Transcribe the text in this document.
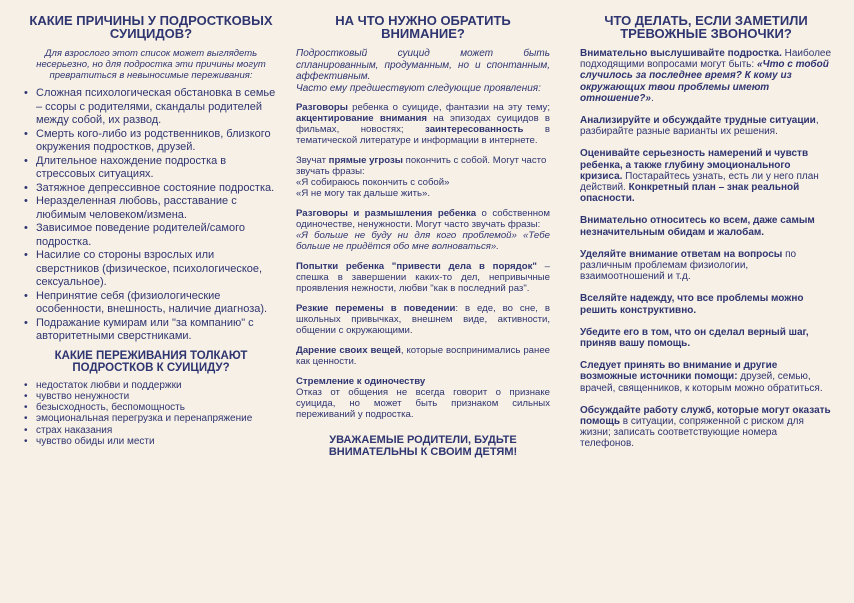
КАКИЕ ПРИЧИНЫ У ПОДРОСТКОВЫХ СУИЦИДОВ?
Для взрослого этот список может выглядеть несерьезно, но для подростка эти причины могут превратиться в невыносимые переживания:
• Сложная психологическая обстановка в семье – ссоры с родителями, скандалы родителей между собой, их развод.
• Смерть кого-либо из родственников, близкого окружения подростков, друзей.
• Длительное нахождение подростка в стрессовых ситуациях.
• Затяжное депрессивное состояние подростка.
• Неразделенная любовь, расставание с любимым человеком/измена.
• Зависимое поведение родителей/самого подростка.
• Насилие со стороны взрослых или сверстников (физическое, психологическое, сексуальное).
• Непринятие себя (физиологические особенности, внешность, наличие диагноза).
• Подражание кумирам или "за компанию" с авторитетными сверстниками.
КАКИЕ ПЕРЕЖИВАНИЯ ТОЛКАЮТ ПОДРОСТКОВ К СУИЦИДУ?
• недостаток любви и поддержки
• чувство ненужности
• безысходность, беспомощность
• эмоциональная перегрузка и перенапряжение
• страх наказания
• чувство обиды или мести
НА ЧТО НУЖНО ОБРАТИТЬ ВНИМАНИЕ?
Подростковый суицид может быть спланированным, продуманным, но и спонтанным, аффективным.
Часто ему предшествуют следующие проявления:
Разговоры ребенка о суициде, фантазии на эту тему; акцентирование внимания на эпизодах суицидов в фильмах, новостях; заинтересованность в тематической литературе и информации в интернете.
Звучат прямые угрозы покончить с собой. Могут часто звучать фразы:
«Я собираюсь покончить с собой»
«Я не могу так дальше жить».
Разговоры и размышления ребенка о собственном одиночестве, ненужности. Могут часто звучать фразы:
«Я больше не буду ни для кого проблемой» «Тебе больше не придётся обо мне волноваться».
Попытки ребенка "привести дела в порядок" –спешка в завершении каких-то дел, непривычные проявления нежности, любви "как в последний раз".
Резкие перемены в поведении: в еде, во сне, в школьных привычках, внешнем виде, активности, общении с окружающими.
Дарение своих вещей, которые воспринимались ранее как ценности.
Стремление к одиночеству
Отказ от общения не всегда говорит о признаке суицида, но может быть признаком сильных переживаний у подростка.
УВАЖАЕМЫЕ РОДИТЕЛИ, БУДЬТЕ ВНИМАТЕЛЬНЫ К СВОИМ ДЕТЯМ!
ЧТО ДЕЛАТЬ, ЕСЛИ ЗАМЕТИЛИ ТРЕВОЖНЫЕ ЗВОНОЧКИ?
Внимательно выслушивайте подростка. Наиболее подходящими вопросами могут быть: «Что с тобой случилось за последнее время? К кому из окружающих твои проблемы имеют отношение?».
Анализируйте и обсуждайте трудные ситуации, разбирайте разные варианты их решения.
Оценивайте серьезность намерений и чувств ребенка, а также глубину эмоционального кризиса. Постарайтесь узнать, есть ли у него план действий. Конкретный план – знак реальной опасности.
Внимательно относитесь ко всем, даже самым незначительным обидам и жалобам.
Уделяйте внимание ответам на вопросы по различным проблемам физиологии, взаимоотношений и т.д.
Вселяйте надежду, что все проблемы можно решить конструктивно.
Убедите его в том, что он сделал верный шаг, приняв вашу помощь.
Следует принять во внимание и другие возможные источники помощи: друзей, семью, врачей, священников, к которым можно обратиться.
Обсуждайте работу служб, которые могут оказать помощь в ситуации, сопряженной с риском для жизни; записать соответствующие номера телефонов.
